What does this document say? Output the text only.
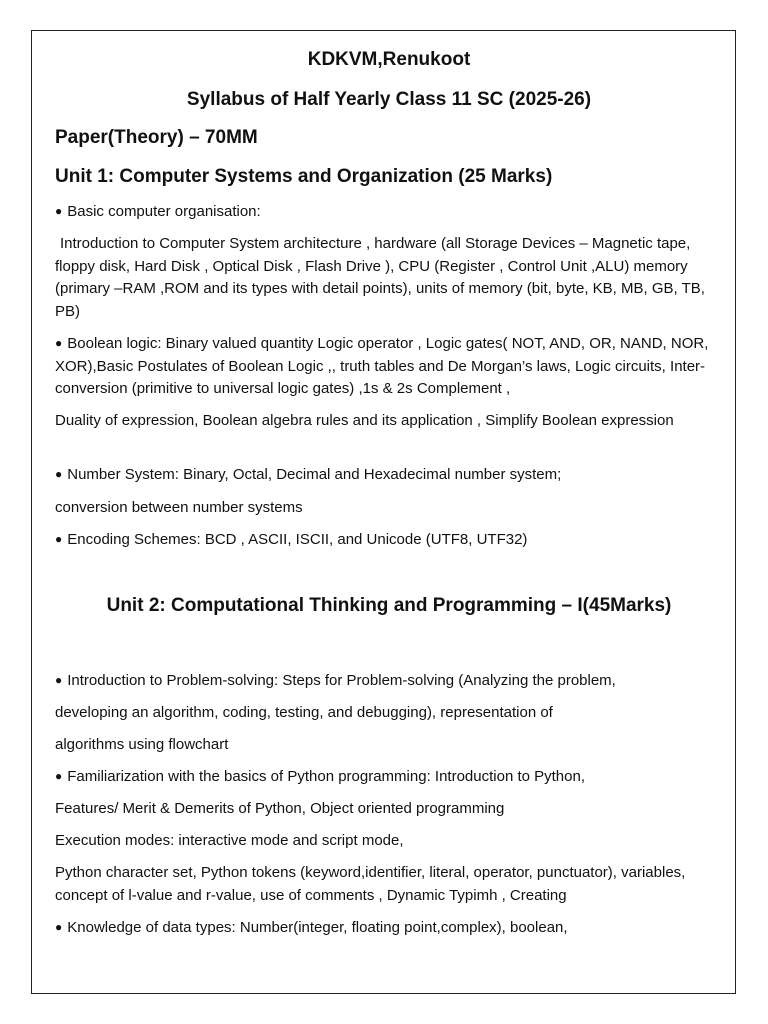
KDKVM,Renukoot
Syllabus of Half Yearly Class 11 SC (2025-26)
Paper(Theory) – 70MM
Unit 1: Computer Systems and Organization (25 Marks)
● Basic computer organisation:
Introduction to Computer System architecture , hardware (all Storage Devices – Magnetic tape, floppy disk, Hard Disk , Optical Disk , Flash Drive ), CPU (Register , Control Unit ,ALU) memory (primary –RAM ,ROM and its types with detail points), units of memory (bit, byte, KB, MB, GB, TB, PB)
● Boolean logic: Binary valued quantity Logic operator , Logic gates( NOT, AND, OR, NAND, NOR, XOR),Basic Postulates of Boolean Logic ,, truth tables and De Morgan’s laws, Logic circuits, Inter-conversion (primitive to universal logic gates) ,1s & 2s Complement ,
Duality of expression, Boolean algebra rules and its application , Simplify Boolean expression
● Number System: Binary, Octal, Decimal and Hexadecimal number system;
conversion between number systems
● Encoding Schemes: BCD , ASCII, ISCII, and Unicode (UTF8, UTF32)
Unit 2: Computational Thinking and Programming – I(45Marks)
● Introduction to Problem-solving: Steps for Problem-solving (Analyzing the problem,
developing an algorithm, coding, testing, and debugging), representation of
algorithms using flowchart
● Familiarization with the basics of Python programming: Introduction to Python,
Features/ Merit & Demerits of Python, Object oriented programming
Execution modes: interactive mode and script mode,
Python character set, Python tokens (keyword,identifier, literal, operator, punctuator), variables, concept of l-value and r-value, use of comments , Dynamic Typimh , Creating
● Knowledge of data types: Number(integer, floating point,complex), boolean,
